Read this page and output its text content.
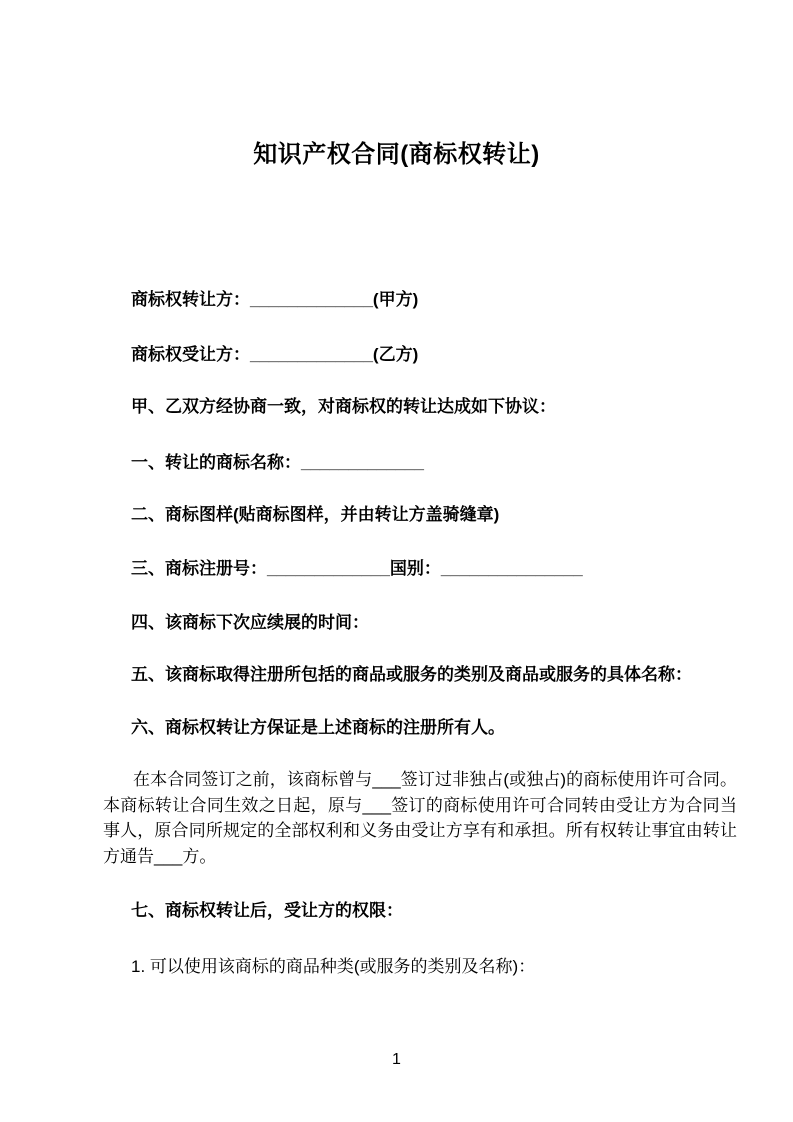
知识产权合同(商标权转让)
商标权转让方：_____________(甲方)
商标权受让方：_____________(乙方)
甲、乙双方经协商一致，对商标权的转让达成如下协议：
一、转让的商标名称：_____________
二、商标图样(贴商标图样，并由转让方盖骑缝章)
三、商标注册号：_____________国别：_______________
四、该商标下次应续展的时间：
五、该商标取得注册所包括的商品或服务的类别及商品或服务的具体名称：
六、商标权转让方保证是上述商标的注册所有人。

在本合同签订之前，该商标曾与___签订过非独占(或独占)的商标使用许可合同。本商标转让合同生效之日起，原与___签订的商标使用许可合同转由受让方为合同当事人，原合同所规定的全部权利和义务由受让方享有和承担。所有权转让事宜由转让方通告___方。

七、商标权转让后，受让方的权限：
1. 可以使用该商标的商品种类(或服务的类别及名称)：
1
